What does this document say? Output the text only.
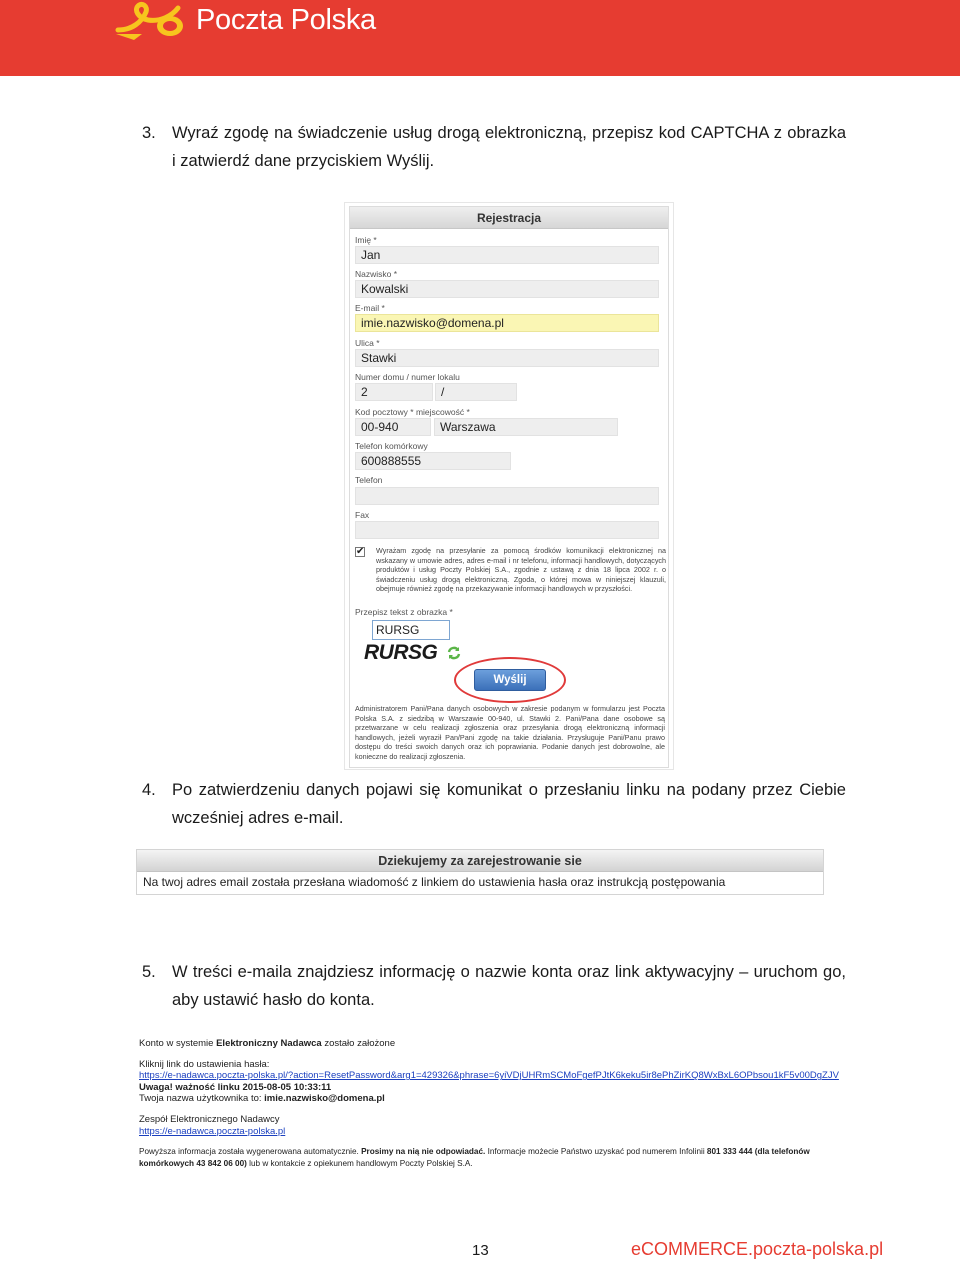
Poczta Polska
3. Wyraź zgodę na świadczenie usług drogą elektroniczną, przepisz kod CAPTCHA z obrazka i zatwierdź dane przyciskiem Wyślij.
Rejestracja
Imię *
Jan
Nazwisko *
Kowalski
E-mail *
imie.nazwisko@domena.pl
Ulica *
Stawki
Numer domu / numer lokalu
2	/
Kod pocztowy * miejscowość *
00-940	Warszawa
Telefon komórkowy
600888555
Telefon
Fax
✔ Wyrażam zgodę na przesyłanie za pomocą środków komunikacji elektronicznej na wskazany w umowie adres, adres e-mail i nr telefonu, informacji handlowych, dotyczących produktów i usług Poczty Polskiej S.A., zgodnie z ustawą z dnia 18 lipca 2002 r. o świadczeniu usług drogą elektroniczną. Zgoda, o której mowa w niniejszej klauzuli, obejmuje również zgodę na przekazywanie informacji handlowych w przyszłości.
Przepisz tekst z obrazka *
RURSG
RURSG
Wyślij
Administratorem Pani/Pana danych osobowych w zakresie podanym w formularzu jest Poczta Polska S.A. z siedzibą w Warszawie 00-940, ul. Stawki 2. Pani/Pana dane osobowe są przetwarzane w celu realizacji zgłoszenia oraz przesyłania drogą elektroniczną informacji handlowych, jeżeli wyraził Pan/Pani zgodę na takie działania. Przysługuje Pani/Panu prawo dostępu do treści swoich danych oraz ich poprawiania. Podanie danych jest dobrowolne, ale konieczne do realizacji zgłoszenia.
4. Po zatwierdzeniu danych pojawi się komunikat o przesłaniu linku na podany przez Ciebie wcześniej adres e-mail.
Dziekujemy za zarejestrowanie sie
Na twoj adres email została przesłana wiadomość z linkiem do ustawienia hasła oraz instrukcją postępowania
5. W treści e-maila znajdziesz informację o nazwie konta oraz link aktywacyjny – uruchom go, aby ustawić hasło do konta.
Konto w systemie Elektroniczny Nadawca zostało założone
Kliknij link do ustawienia hasła:
https://e-nadawca.poczta-polska.pl/?action=ResetPassword&arg1=429326&phrase=6yiVDjUHRmSCMoFgefPJtK6keku5ir8ePhZirKQ8WxBxL6OPbsou1kF5v00DgZJV
Uwaga! ważność linku 2015-08-05 10:33:11
Twoja nazwa użytkownika to: imie.nazwisko@domena.pl
Zespół Elektronicznego Nadawcy
https://e-nadawca.poczta-polska.pl
Powyższa informacja została wygenerowana automatycznie. Prosimy na nią nie odpowiadać. Informacje możecie Państwo uzyskać pod numerem Infolinii 801 333 444 (dla telefonów
komórkowych 43 842 06 00) lub w kontakcie z opiekunem handlowym Poczty Polskiej S.A.
13	eCOMMERCE.poczta-polska.pl
